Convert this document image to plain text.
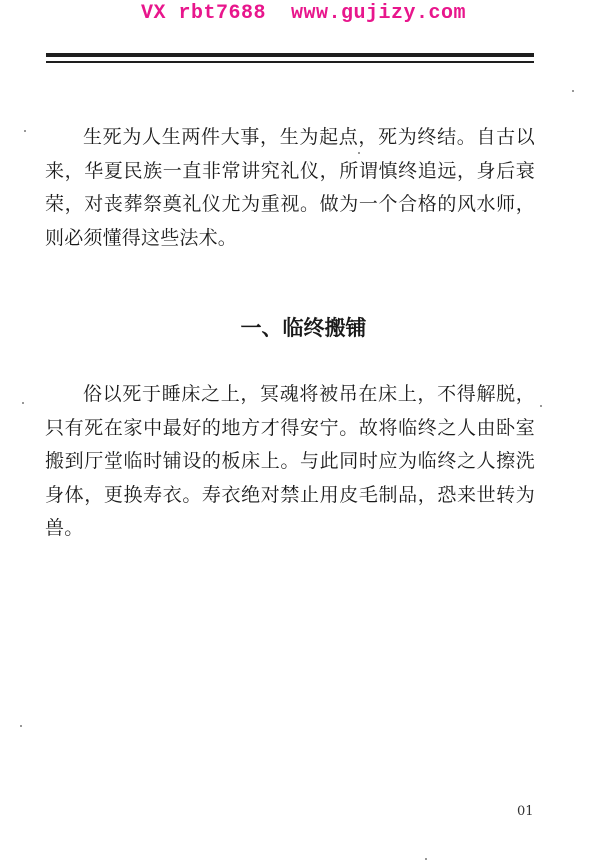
VX rbt7688  www.gujizy.com

生死为人生两件大事，生为起点，死为终结。自古以来，华夏民族一直非常讲究礼仪，所谓慎终追远，身后衰荣，对丧葬祭奠礼仪尤为重视。做为一个合格的风水师，则必须懂得这些法术。

一、临终搬铺

俗以死于睡床之上，冥魂将被吊在床上，不得解脱，只有死在家中最好的地方才得安宁。故将临终之人由卧室搬到厅堂临时铺设的板床上。与此同时应为临终之人擦洗身体，更换寿衣。寿衣绝对禁止用皮毛制品，恐来世转为兽。

01
